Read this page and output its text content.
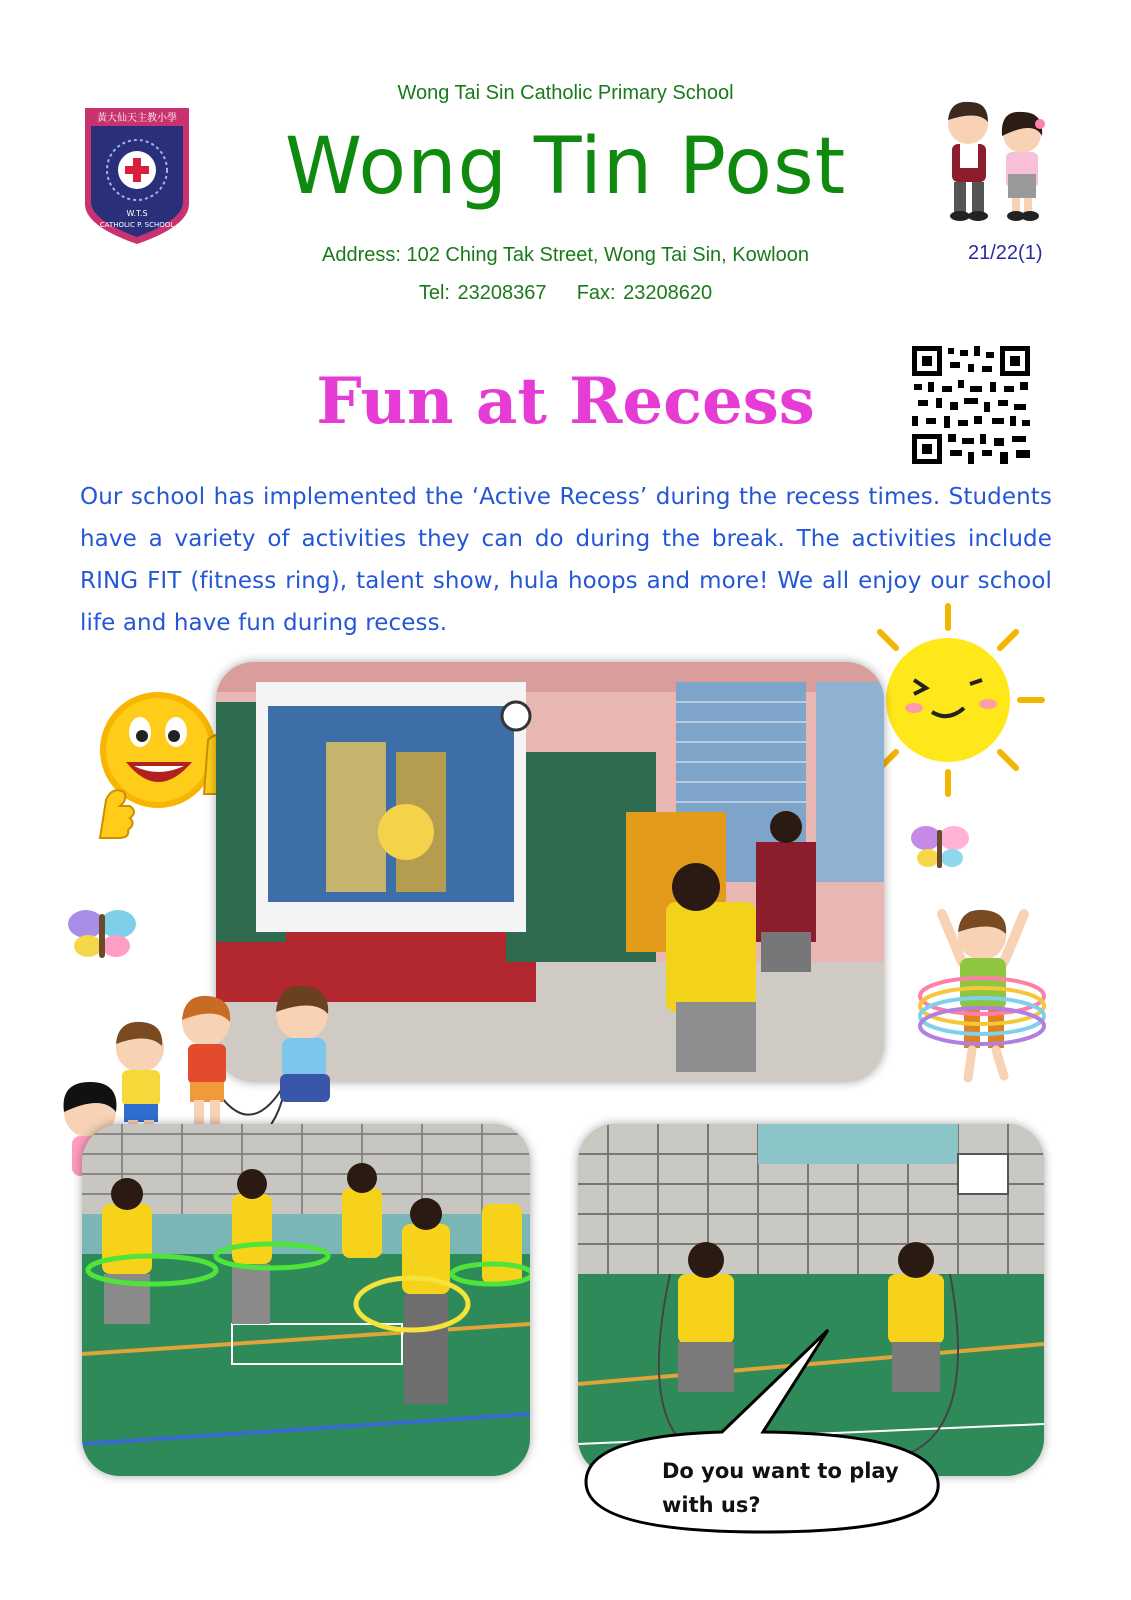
Wong Tai Sin Catholic Primary School
Wong Tin Post
Address: 102 Ching Tak Street, Wong Tai Sin, Kowloon
Tel: 23208367    Fax: 23208620
21/22(1)
黃大仙天主教小學
W.T.S
CATHOLIC P. SCHOOL
Fun at Recess
Our school has implemented the ‘Active Recess’ during the recess times. Students have a variety of activities they can do during the break. The activities include RING FIT (fitness ring), talent show, hula hoops and more! We all enjoy our school life and have fun during recess.
Do you want to play with us?
